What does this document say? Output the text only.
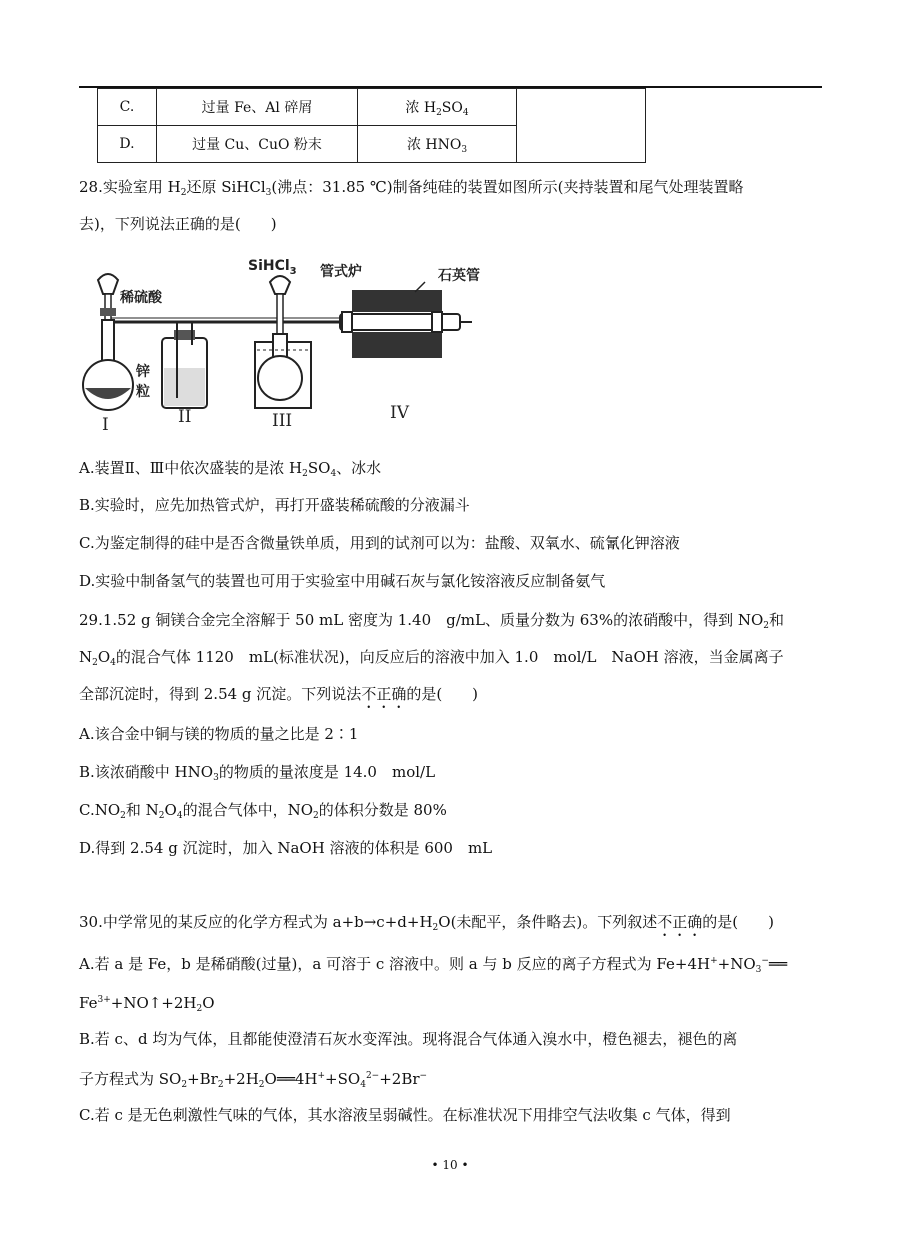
C.	过量 Fe、Al 碎屑	浓 $H_2SO_4$	
D.	过量 Cu、CuO 粉末	浓 $HNO_3$
28.实验室用 $H_2$还原 SiHCl$_3$(沸点：31.85 ℃)制备纯硅的装置如图所示(夹持装置和尾气处理装置略
去)，下列说法正确的是(　　)
稀硫酸
锌
粒
SiHCl$_3$ 管式炉	石英管
I	II	III	IV
A.装置Ⅱ、Ⅲ中依次盛装的是浓 $H_2SO_4$、冰水
B.实验时，应先加热管式炉，再打开盛装稀硫酸的分液漏斗
C.为鉴定制得的硅中是否含微量铁单质，用到的试剂可以为：盐酸、双氧水、硫氰化钾溶液
D.实验中制备氢气的装置也可用于实验室中用碱石灰与氯化铵溶液反应制备氨气
29.1.52 g 铜镁合金完全溶解于 50 mL 密度为 1.40　g/mL、质量分数为 63%的浓硝酸中，得到 $NO_2$和
$N_2O_4$的混合气体 1120　mL(标准状况)，向反应后的溶液中加入 1.0　mol/L　NaOH 溶液，当金属离子
全部沉淀时，得到 2.54 g 沉淀。下列说法不正确的是(　　)
A.该合金中铜与镁的物质的量之比是 2∶1
B.该浓硝酸中 $HNO_3$的物质的量浓度是 14.0　mol/L
$C.NO_2$和 $N_2O_4$的混合气体中，$NO_2$的体积分数是 80%
D.得到 2.54 g 沉淀时，加入 NaOH 溶液的体积是 600　mL
30.中学常见的某反应的化学方程式为 $a+b\to c+d+H_2O$(未配平，条件略去)。下列叙述不正确的是(　　)
A.若 a 是 Fe，b 是稀硝酸(过量)，a 可溶于 c 溶液中。则 a 与 b 反应的离子方程式为 $Fe+4H^++NO_3^-══$
$Fe^{3+}+NO↑+2H_2O$
B.若 c、d 均为气体，且都能使澄清石灰水变浑浊。现将混合气体通入溴水中，橙色褪去，褪色的离
子方程式为 $SO_2+Br_2+2H_2O══4H^++SO_4^{2-}+2Br^-$
C.若 c 是无色刺激性气味的气体，其水溶液呈弱碱性。在标准状况下用排空气法收集 c 气体，得到
• 10 •
